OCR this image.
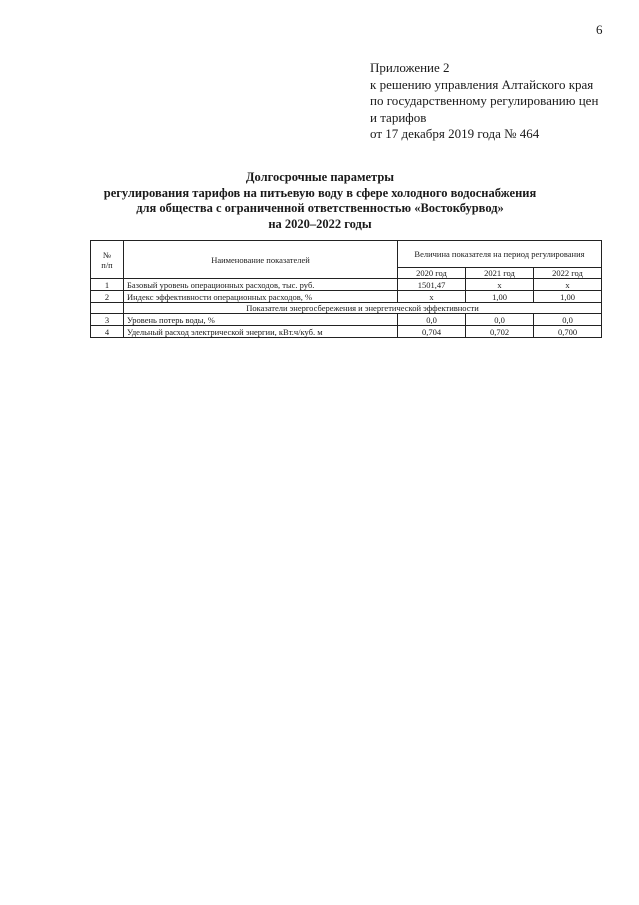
6
Приложение 2
к решению управления Алтайского края
по государственному регулированию цен
и тарифов
от 17 декабря 2019 года № 464
Долгосрочные параметры
регулирования тарифов на питьевую воду в сфере холодного водоснабжения
для общества с ограниченной ответственностью «Востокбурвод»
на 2020–2022 годы
№
п/п	Наименование показателей	Величина показателя на период регулирования		
		2020 год	2021 год	2022 год
1	Базовый уровень операционных расходов, тыс. руб.	1501,47	x	x
2	Индекс эффективности операционных расходов, %	x	1,00	1,00
	Показатели энергосбережения и энергетической эффективности			
3	Уровень потерь воды, %	0,0	0,0	0,0
4	Удельный расход электрической энергии, кВт.ч/куб. м	0,704	0,702	0,700
